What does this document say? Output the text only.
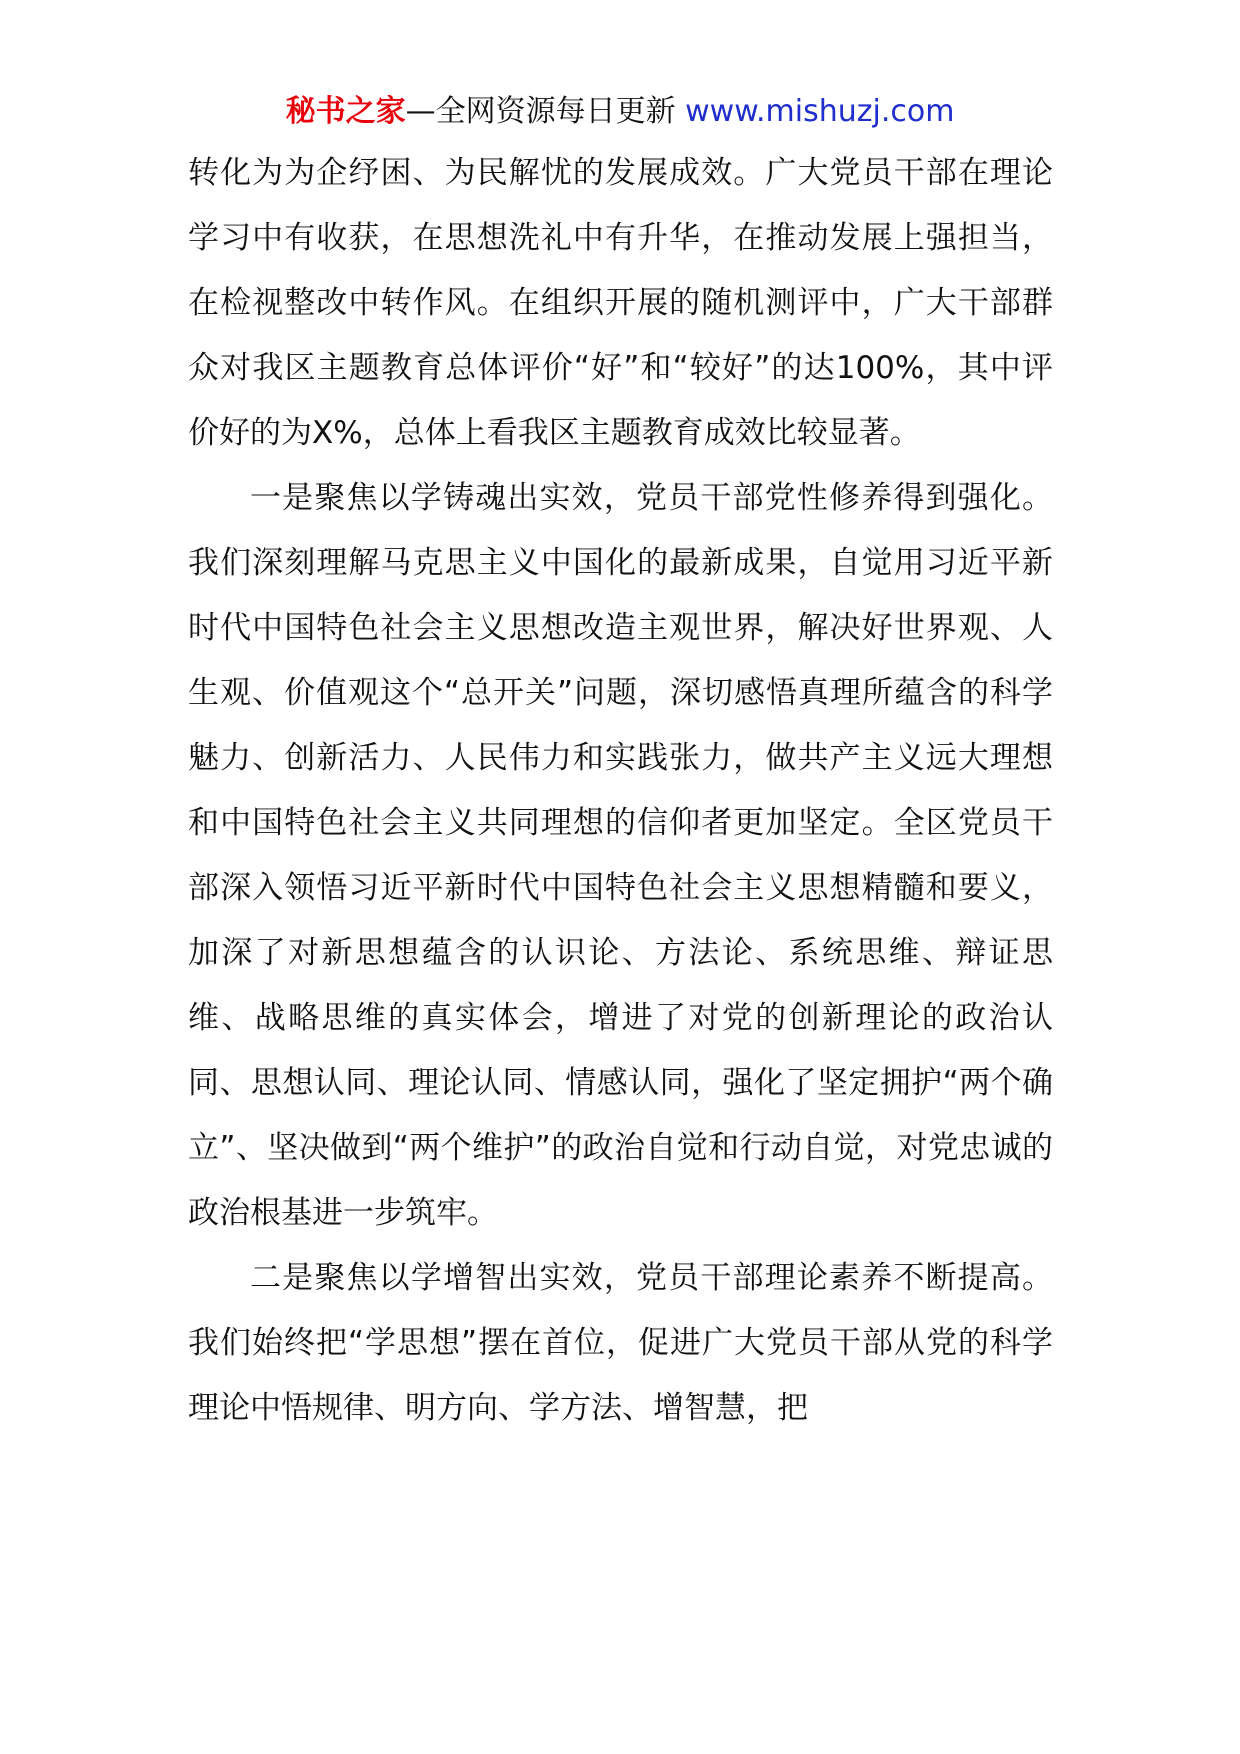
秘书之家—全网资源每日更新 www.mishuzj.com

转化为为企纾困、为民解忧的发展成效。广大党员干部在理论学习中有收获，在思想洗礼中有升华，在推动发展上强担当，在检视整改中转作风。在组织开展的随机测评中，广大干部群众对我区主题教育总体评价“好”和“较好”的达100%，其中评价好的为X%，总体上看我区主题教育成效比较显著。

一是聚焦以学铸魂出实效，党员干部党性修养得到强化。我们深刻理解马克思主义中国化的最新成果，自觉用习近平新时代中国特色社会主义思想改造主观世界，解决好世界观、人生观、价值观这个“总开关”问题，深切感悟真理所蕴含的科学魅力、创新活力、人民伟力和实践张力，做共产主义远大理想和中国特色社会主义共同理想的信仰者更加坚定。全区党员干部深入领悟习近平新时代中国特色社会主义思想精髓和要义，加深了对新思想蕴含的认识论、方法论、系统思维、辩证思维、战略思维的真实体会，增进了对党的创新理论的政治认同、思想认同、理论认同、情感认同，强化了坚定拥护“两个确立”、坚决做到“两个维护”的政治自觉和行动自觉，对党忠诚的政治根基进一步筑牢。

二是聚焦以学增智出实效，党员干部理论素养不断提高。我们始终把“学思想”摆在首位，促进广大党员干部从党的科学理论中悟规律、明方向、学方法、增智慧，把
